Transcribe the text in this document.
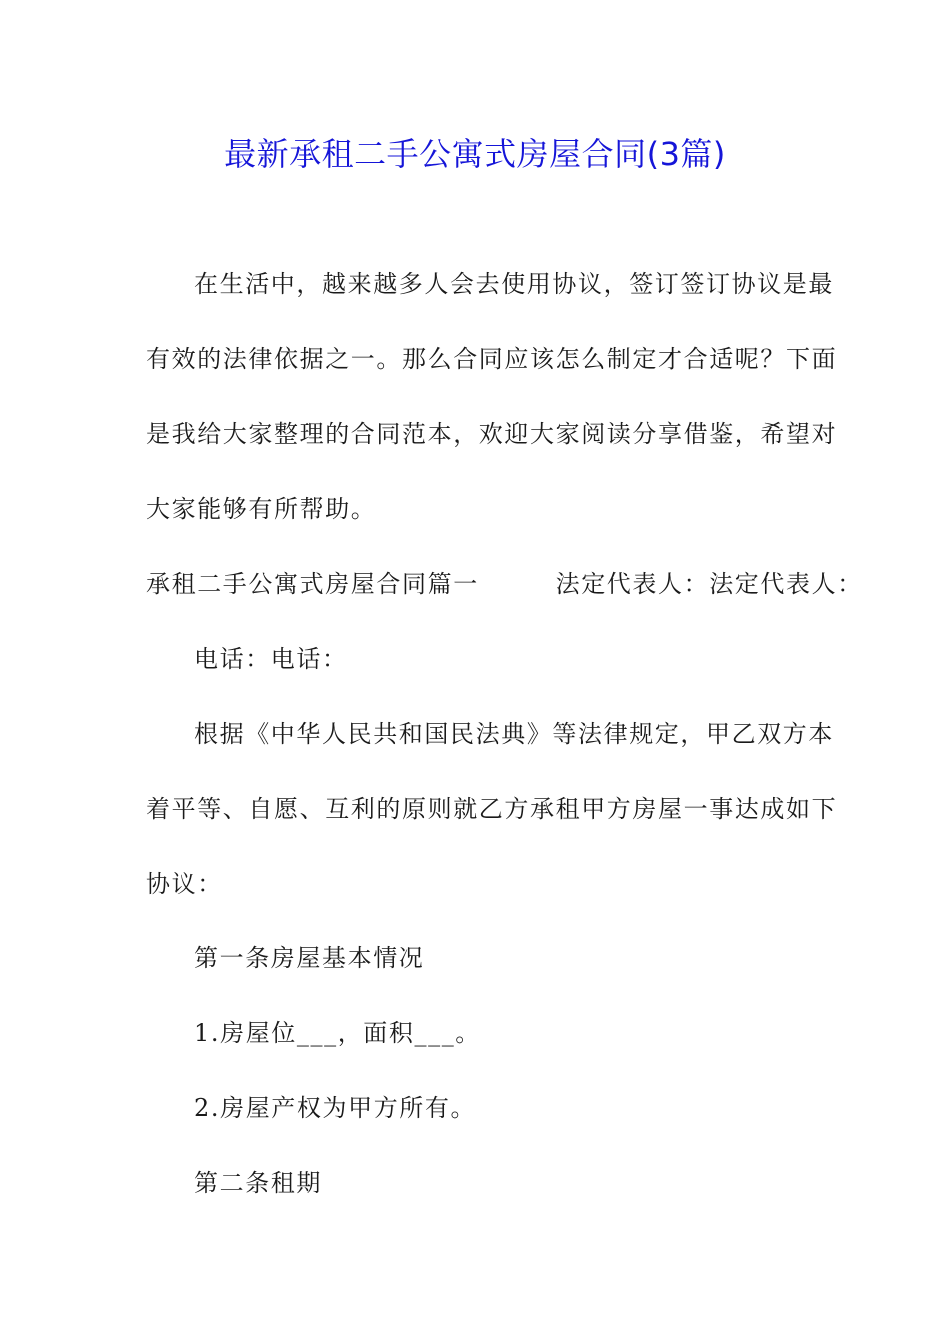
最新承租二手公寓式房屋合同(3篇)

在生活中，越来越多人会去使用协议，签订签订协议是最

有效的法律依据之一。那么合同应该怎么制定才合适呢？下面

是我给大家整理的合同范本，欢迎大家阅读分享借鉴，希望对

大家能够有所帮助。

承租二手公寓式房屋合同篇一　　　法定代表人：法定代表人：

电话：电话：

根据《中华人民共和国民法典》等法律规定，甲乙双方本

着平等、自愿、互利的原则就乙方承租甲方房屋一事达成如下

协议：

第一条房屋基本情况

1.房屋位___，面积___。

2.房屋产权为甲方所有。

第二条租期
